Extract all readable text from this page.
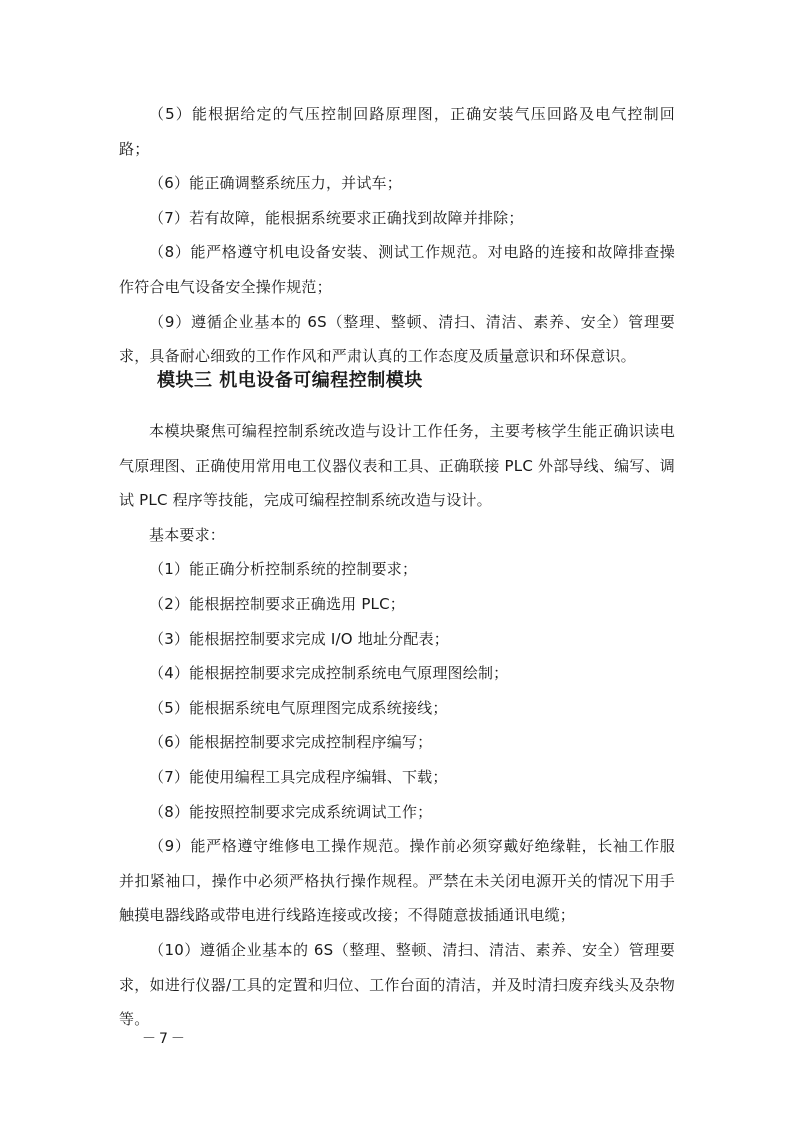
（5）能根据给定的气压控制回路原理图，正确安装气压回路及电气控制回路；

（6）能正确调整系统压力，并试车；

（7）若有故障，能根据系统要求正确找到故障并排除；

（8）能严格遵守机电设备安装、测试工作规范。对电路的连接和故障排查操作符合电气设备安全操作规范；

（9）遵循企业基本的 6S（整理、整顿、清扫、清洁、素养、安全）管理要求，具备耐心细致的工作作风和严肃认真的工作态度及质量意识和环保意识。

模块三 机电设备可编程控制模块

本模块聚焦可编程控制系统改造与设计工作任务，主要考核学生能正确识读电气原理图、正确使用常用电工仪器仪表和工具、正确联接 PLC 外部导线、编写、调试 PLC 程序等技能，完成可编程控制系统改造与设计。

基本要求：

（1）能正确分析控制系统的控制要求；

（2）能根据控制要求正确选用 PLC；

（3）能根据控制要求完成 I/O 地址分配表；

（4）能根据控制要求完成控制系统电气原理图绘制；

（5）能根据系统电气原理图完成系统接线；

（6）能根据控制要求完成控制程序编写；

（7）能使用编程工具完成程序编辑、下载；

（8）能按照控制要求完成系统调试工作；

（9）能严格遵守维修电工操作规范。操作前必须穿戴好绝缘鞋，长袖工作服并扣紧袖口，操作中必须严格执行操作规程。严禁在未关闭电源开关的情况下用手触摸电器线路或带电进行线路连接或改接；不得随意拔插通讯电缆；

（10）遵循企业基本的 6S（整理、整顿、清扫、清洁、素养、安全）管理要求，如进行仪器/工具的定置和归位、工作台面的清洁，并及时清扫废弃线头及杂物等。

－7－
